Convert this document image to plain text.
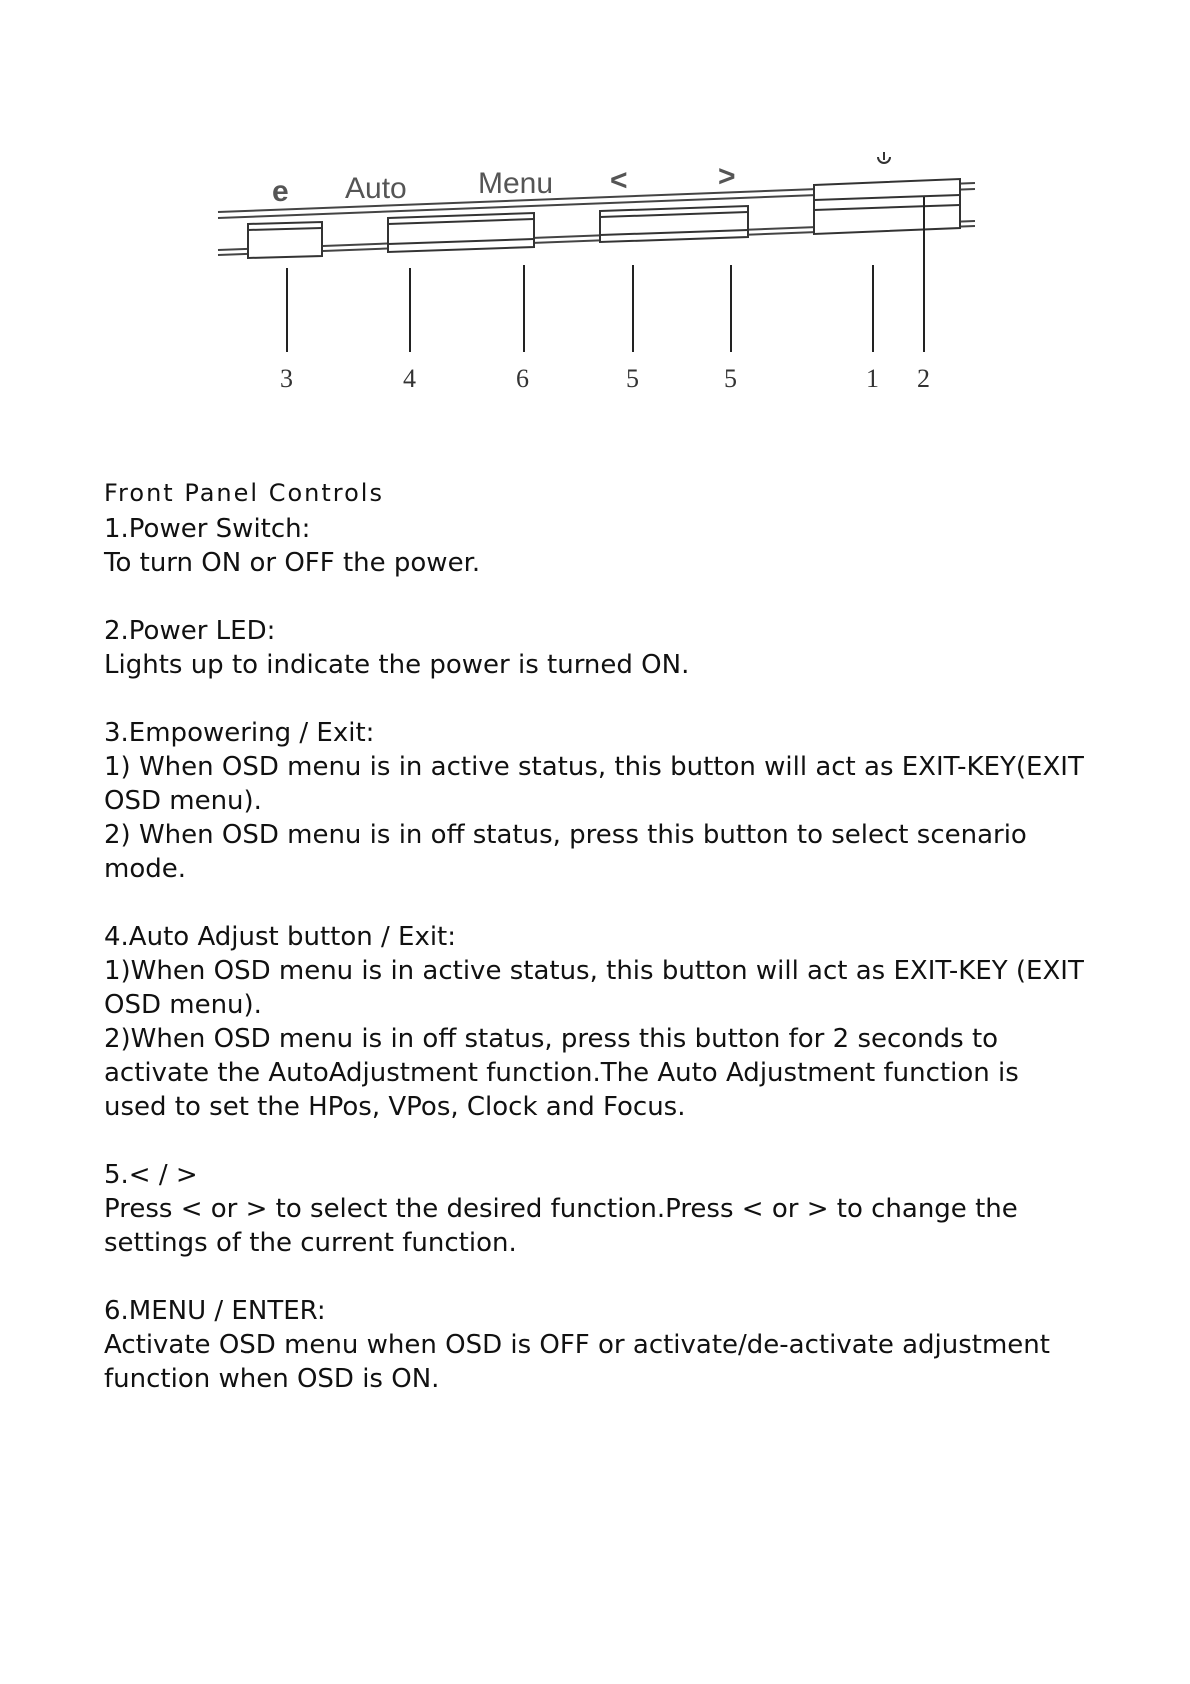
e Auto Menu <	>
3	4	6	5	5	1 2
Front Panel Controls

1.Power Switch:

To turn ON or OFF the power.

2.Power LED:

Lights up to indicate the power is turned ON.

3.Empowering / Exit:

1) When OSD menu is in active status, this button will act as EXIT-KEY(EXIT

OSD menu).

2) When OSD menu is in off status, press this button to select scenario

mode.

4.Auto Adjust button / Exit:

1)When OSD menu is in active status, this button will act as EXIT-KEY (EXIT

OSD menu).

2)When OSD menu is in off status, press this button for 2 seconds to

activate the AutoAdjustment function.The Auto Adjustment function is

used to set the HPos, VPos, Clock and Focus.

5.< / >

Press < or > to select the desired function.Press < or > to change the

settings of the current function.

6.MENU / ENTER:

Activate OSD menu when OSD is OFF or activate/de-activate adjustment

function when OSD is ON.
